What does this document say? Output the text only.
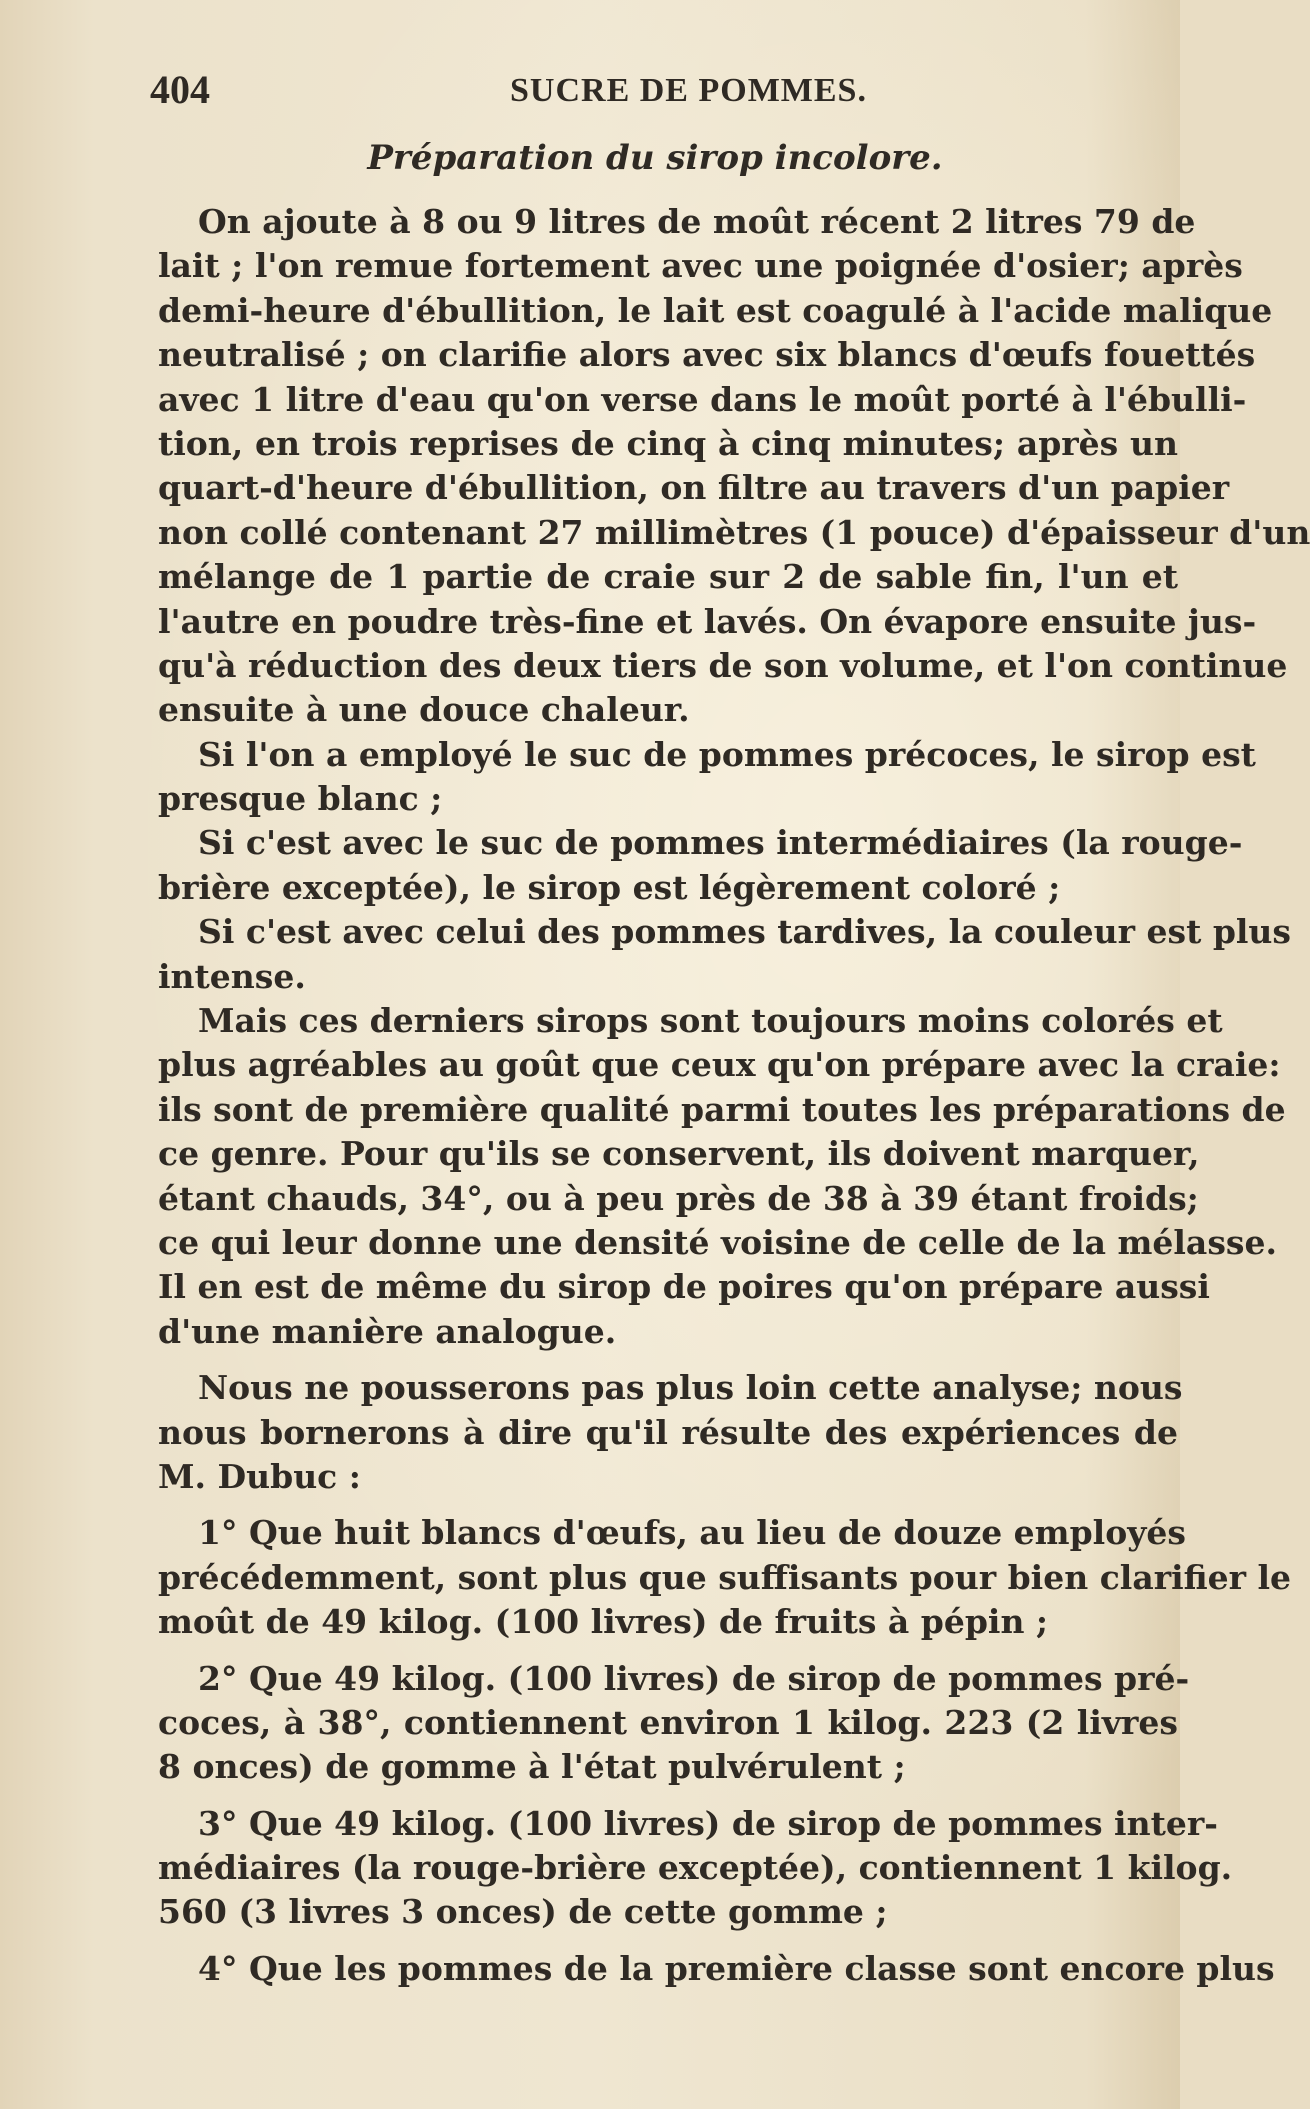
404	SUCRE DE POMMES.
Préparation du sirop incolore.
On ajoute à 8 ou 9 litres de moût récent 2 litres 79 de
lait ; l'on remue fortement avec une poignée d'osier; après
demi-heure d'ébullition, le lait est coagulé à l'acide malique
neutralisé ; on clarifie alors avec six blancs d'œufs fouettés
avec 1 litre d'eau qu'on verse dans le moût porté à l'ébulli-
tion, en trois reprises de cinq à cinq minutes; après un
quart-d'heure d'ébullition, on filtre au travers d'un papier
non collé contenant 27 millimètres (1 pouce) d'épaisseur d'un
mélange de 1 partie de craie sur 2 de sable fin, l'un et
l'autre en poudre très-fine et lavés. On évapore ensuite jus-
qu'à réduction des deux tiers de son volume, et l'on continue
ensuite à une douce chaleur.
Si l'on a employé le suc de pommes précoces, le sirop est
presque blanc ;
Si c'est avec le suc de pommes intermédiaires (la rouge-
brière exceptée), le sirop est légèrement coloré ;
Si c'est avec celui des pommes tardives, la couleur est plus
intense.
Mais ces derniers sirops sont toujours moins colorés et
plus agréables au goût que ceux qu'on prépare avec la craie:
ils sont de première qualité parmi toutes les préparations de
ce genre. Pour qu'ils se conservent, ils doivent marquer,
étant chauds, 34°, ou à peu près de 38 à 39 étant froids;
ce qui leur donne une densité voisine de celle de la mélasse.
Il en est de même du sirop de poires qu'on prépare aussi
d'une manière analogue.
Nous ne pousserons pas plus loin cette analyse; nous
nous bornerons à dire qu'il résulte des expériences de
M. Dubuc :
1° Que huit blancs d'œufs, au lieu de douze employés
précédemment, sont plus que suffisants pour bien clarifier le
moût de 49 kilog. (100 livres) de fruits à pépin ;
2° Que 49 kilog. (100 livres) de sirop de pommes pré-
coces, à 38°, contiennent environ 1 kilog. 223 (2 livres
8 onces) de gomme à l'état pulvérulent ;
3° Que 49 kilog. (100 livres) de sirop de pommes inter-
médiaires (la rouge-brière exceptée), contiennent 1 kilog.
560 (3 livres 3 onces) de cette gomme ;
4° Que les pommes de la première classe sont encore plus
